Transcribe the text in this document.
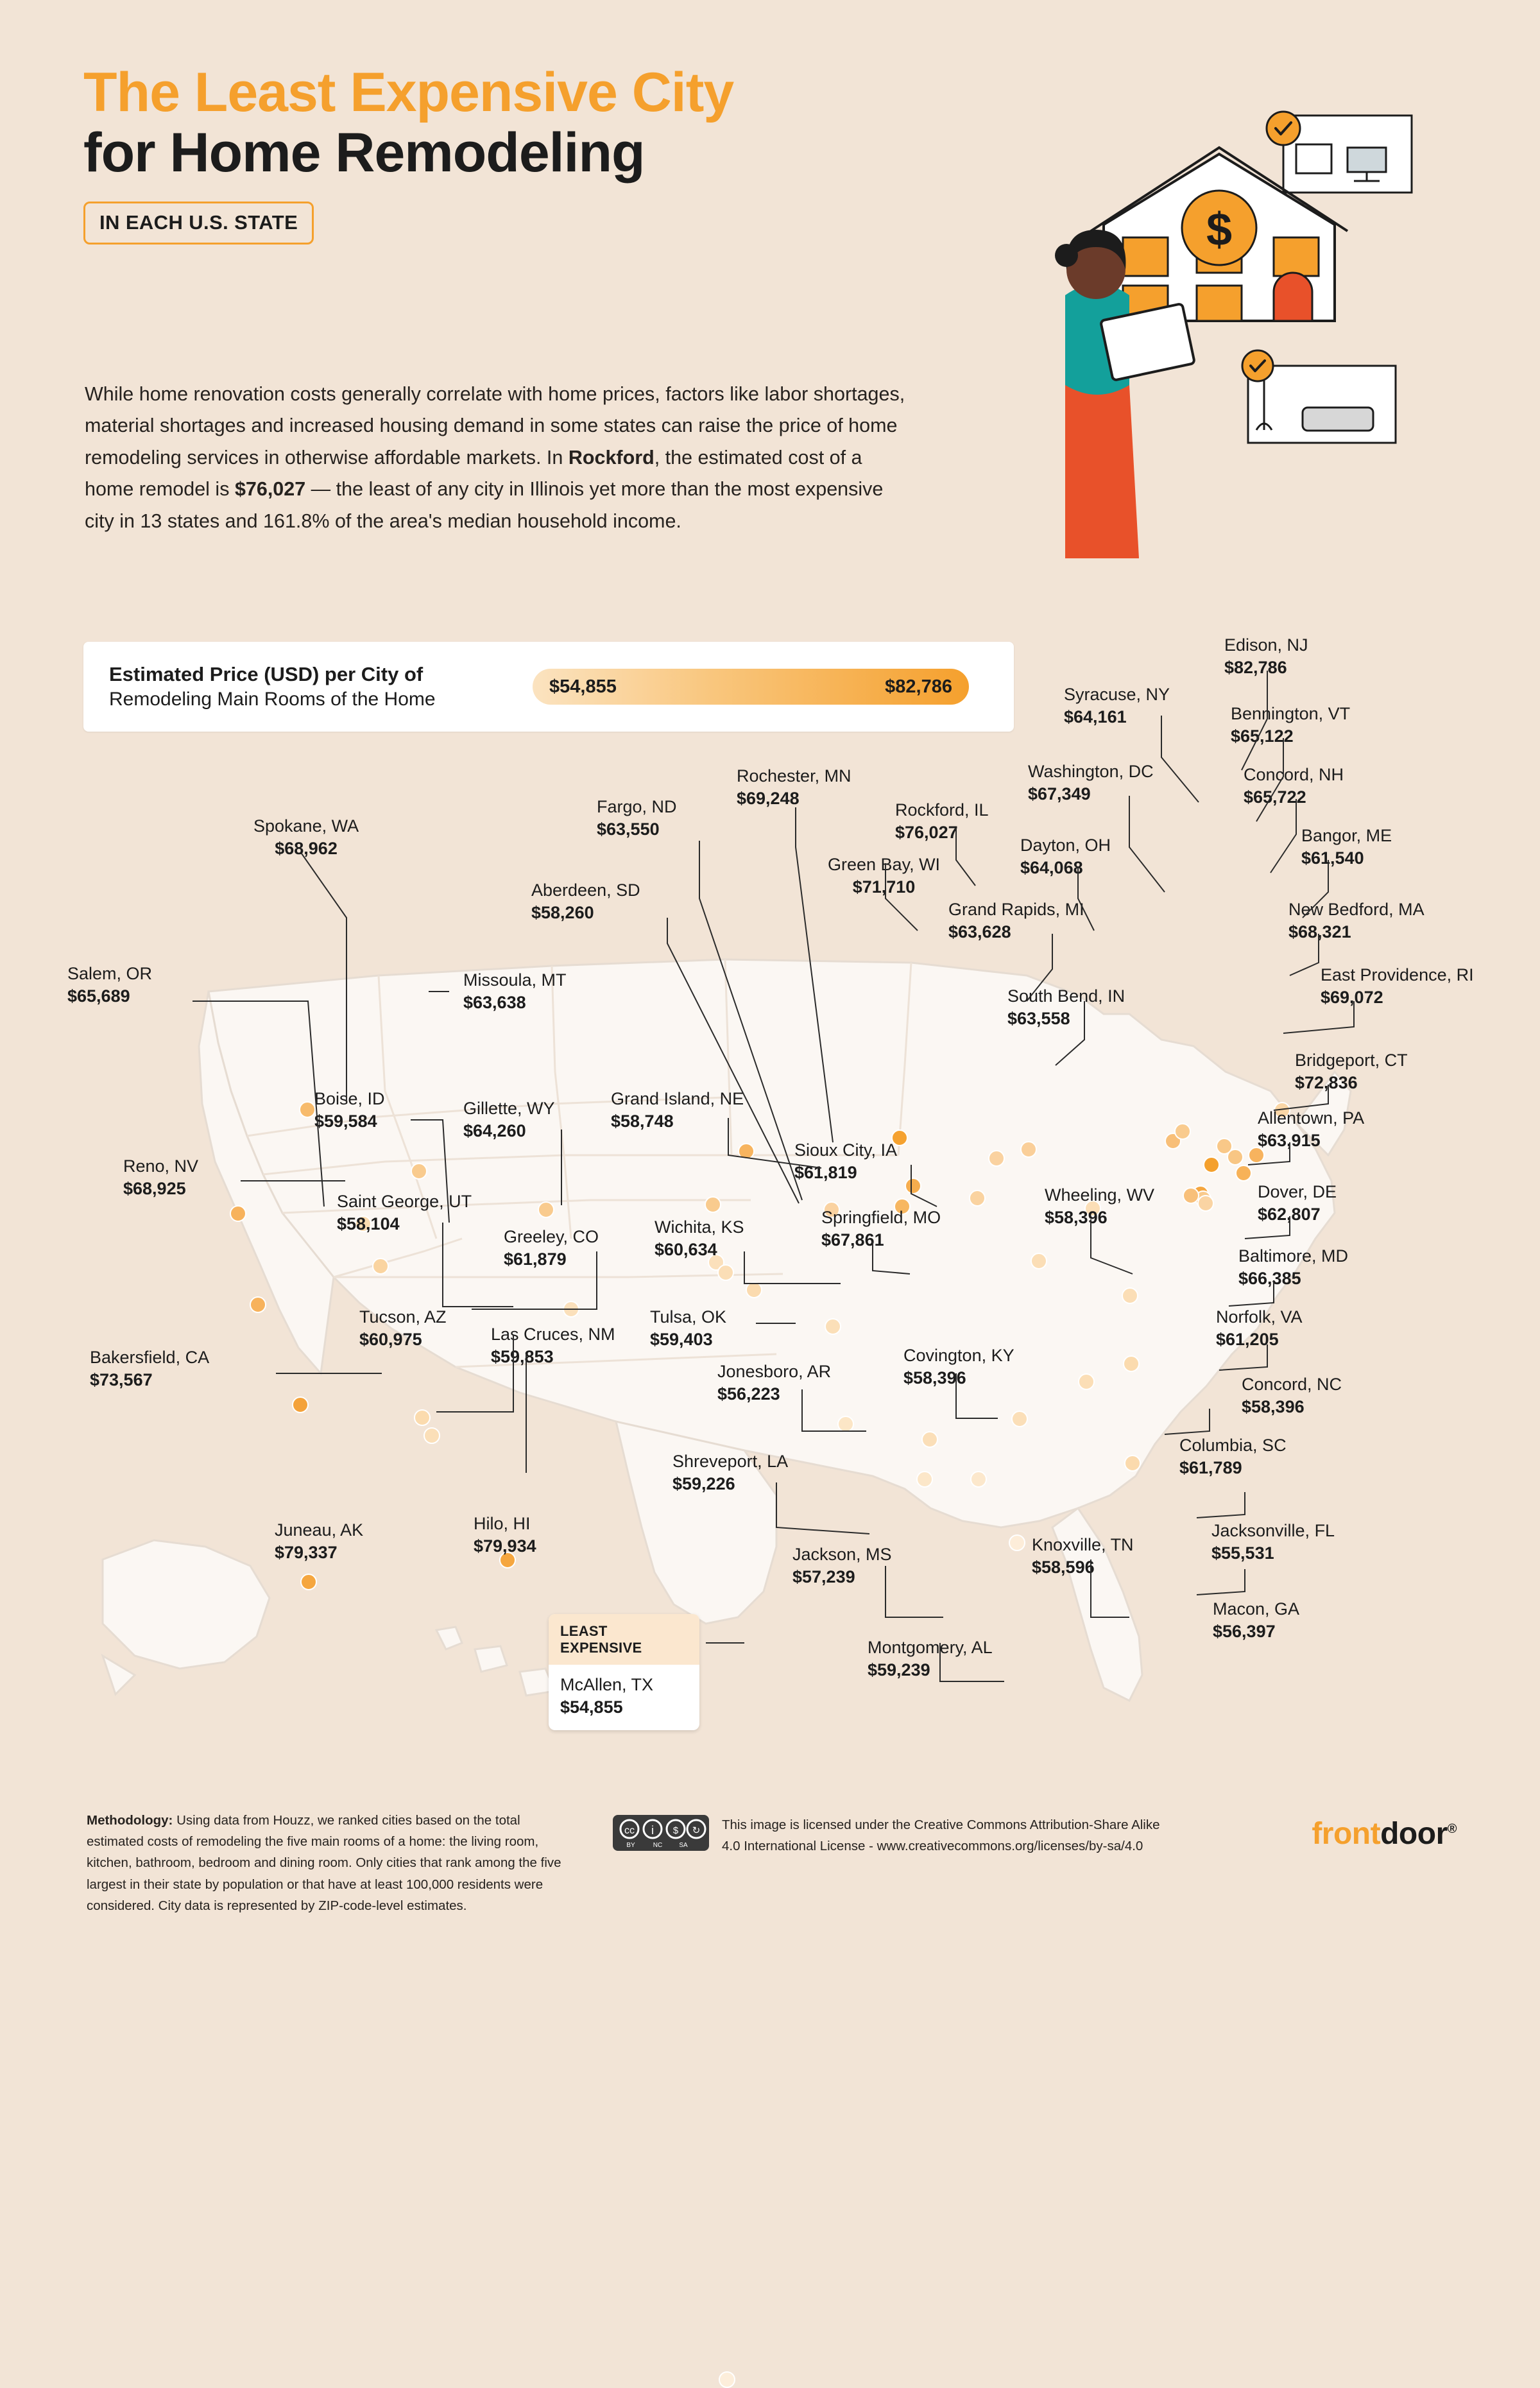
The Least Expensive City
for Home Remodeling
IN EACH U.S. STATE
While home renovation costs generally correlate with home prices, factors like labor shortages, material shortages and increased housing demand in some states can raise the price of home remodeling services in otherwise affordable markets. In Rockford, the estimated cost of a home remodel is $76,027 — the least of any city in Illinois yet more than the most expensive city in 13 states and 161.8% of the area's median household income.
$
Estimated Price (USD) per City of
Remodeling Main Rooms of the Home
$54,855	$82,786
Spokane, WA
$68,962
Salem, OR
$65,689
Boise, ID
$59,584
Missoula, MT
$63,638
Reno, NV
$68,925
Gillette, WY
$64,260
Saint George, UT
$58,104
Greeley, CO
$61,879
Tucson, AZ
$60,975	Las Cruces, NM
$59,853
Bakersfield, CA
$73,567
Juneau, AK
$79,337
Hilo, HI
$79,934
Fargo, ND
$63,550
Aberdeen, SD
$58,260
Rochester, MN
$69,248
Grand Island, NE
$58,748
Sioux City, IA
$61,819
Wichita, KS
$60,634
Springfield, MO
$67,861
Tulsa, OK
$59,403
Jonesboro, AR
$56,223
Shreveport, LA
$59,226
Jackson, MS
$57,239
Montgomery, AL
$59,239
Knoxville, TN
$58,596
Covington, KY
$58,396
Green Bay, WI
$71,710
Rockford, IL
$76,027
South Bend, IN
$63,558
Grand Rapids, MI
$63,628
Dayton, OH
$64,068
Wheeling, WV
$58,396
Washington, DC
$67,349
Syracuse, NY
$64,161
Edison, NJ
$82,786
Bennington, VT
$65,122
Concord, NH
$65,722
Bangor, ME
$61,540
New Bedford, MA
$68,321
East Providence, RI
$69,072
Bridgeport, CT
$72,836
Allentown, PA
$63,915
Dover, DE
$62,807
Baltimore, MD
$66,385
Norfolk, VA
$61,205
Concord, NC
$58,396
Columbia, SC
$61,789
Jacksonville, FL
$55,531
Macon, GA
$56,397
LEAST
EXPENSIVE
McAllen, TX
$54,855
Methodology: Using data from Houzz, we ranked cities based on the total estimated costs of remodeling the five main rooms of a home: the living room, kitchen, bathroom, bedroom and dining room. Only cities that rank among the five largest in their state by population or that have at least 100,000 residents were considered. City data is represented by ZIP-code-level estimates.
cc i $ ↻
BY	NC	SA
This image is licensed under the Creative Commons Attribution-Share Alike
4.0 International License - www.creativecommons.org/licenses/by-sa/4.0	frontdoor®
